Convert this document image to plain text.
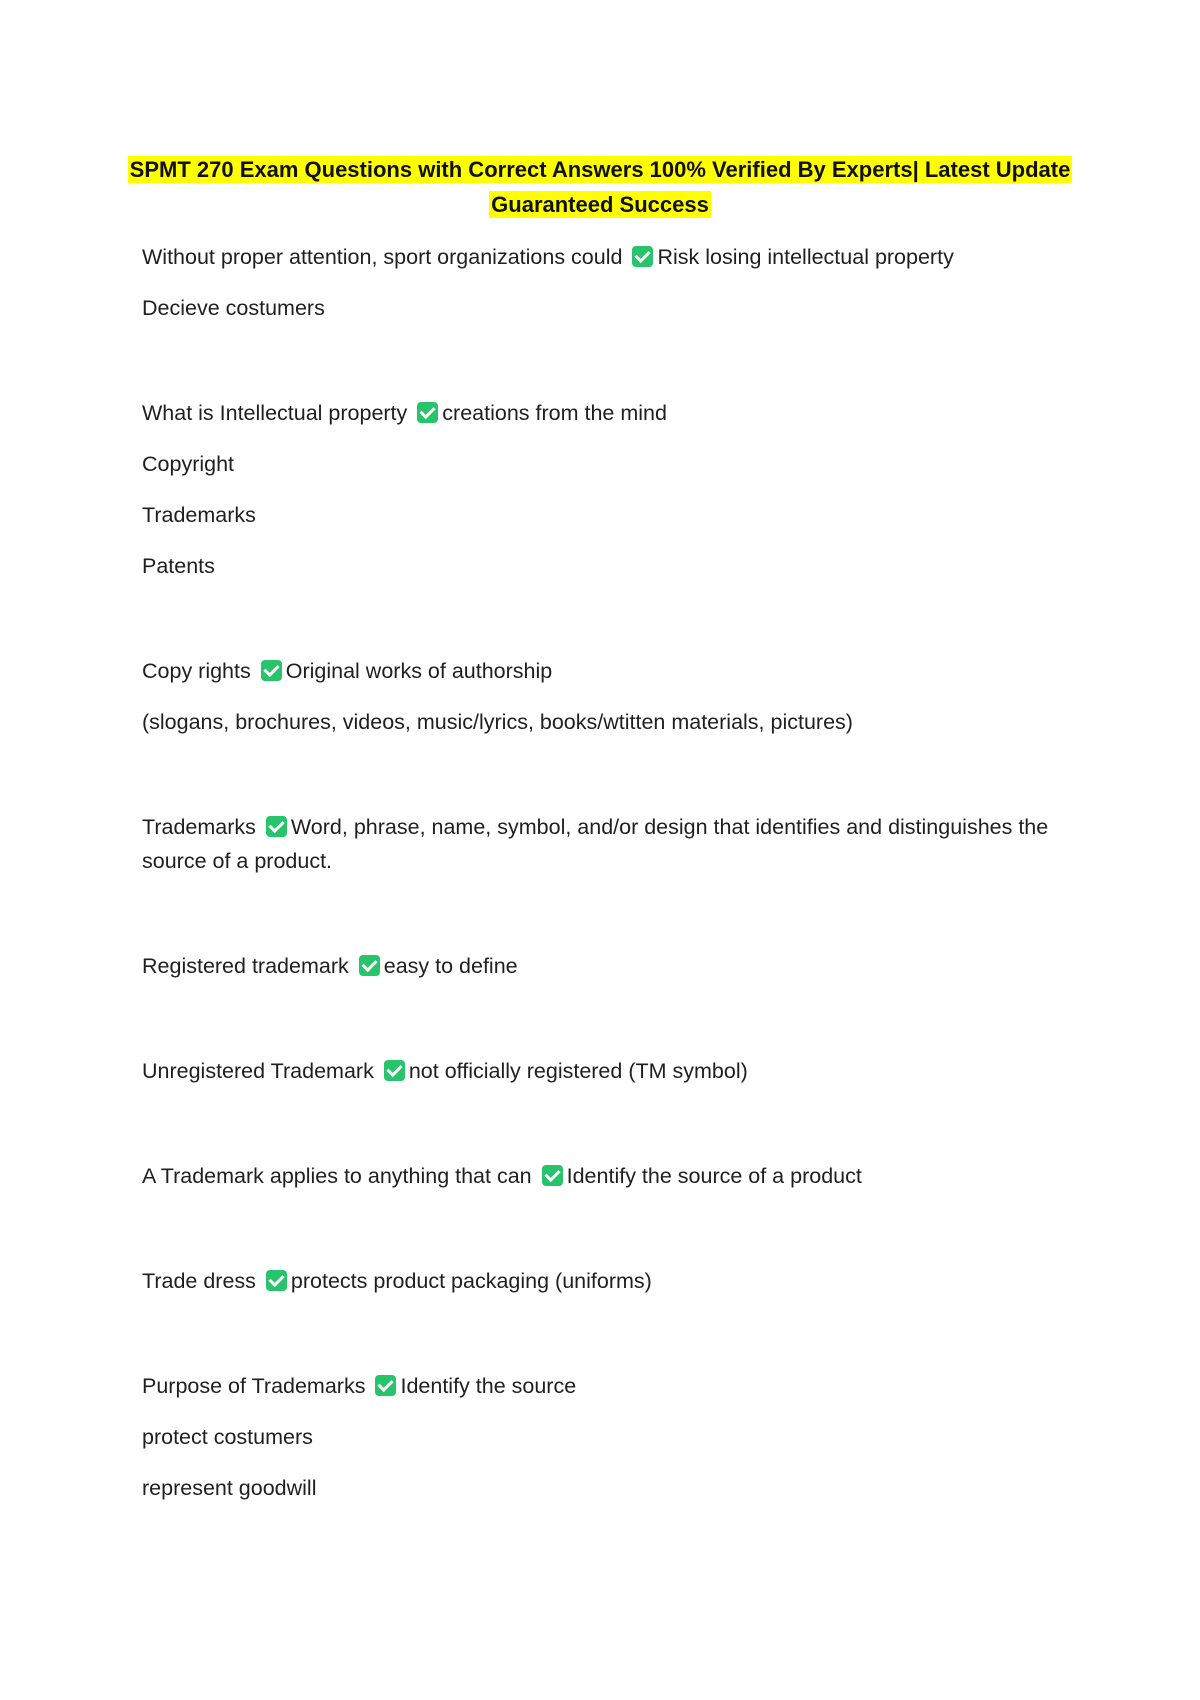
SPMT 270 Exam Questions with Correct Answers 100% Verified By Experts| Latest Update
Guaranteed Success

Without proper attention, sport organizations could Risk losing intellectual property

Decieve costumers

What is Intellectual property creations from the mind

Copyright

Trademarks

Patents

Copy rights Original works of authorship

(slogans, brochures, videos, music/lyrics, books/wtitten materials, pictures)

Trademarks Word, phrase, name, symbol, and/or design that identifies and distinguishes the source of a product.

Registered trademark easy to define

Unregistered Trademark not officially registered (TM symbol)

A Trademark applies to anything that can Identify the source of a product

Trade dress protects product packaging (uniforms)

Purpose of Trademarks Identify the source

protect costumers

represent goodwill
